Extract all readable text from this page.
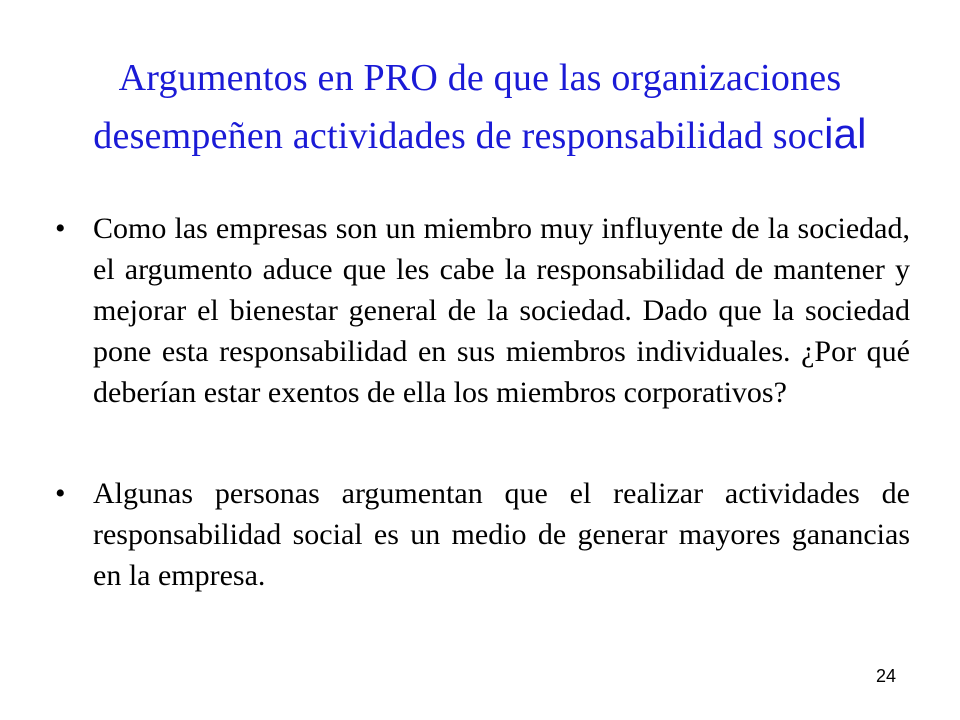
Argumentos en PRO de que las organizaciones
desempeñen actividades de responsabilidad social
• Como las empresas son un miembro muy influyente de la sociedad, el argumento aduce que les cabe la responsabilidad de mantener y mejorar el bienestar general de la sociedad. Dado que la sociedad pone esta responsabilidad en sus miembros individuales. ¿Por qué deberían estar exentos de ella los miembros corporativos?
• Algunas personas argumentan que el realizar actividades de responsabilidad social es un medio de generar mayores ganancias en la empresa.
24
